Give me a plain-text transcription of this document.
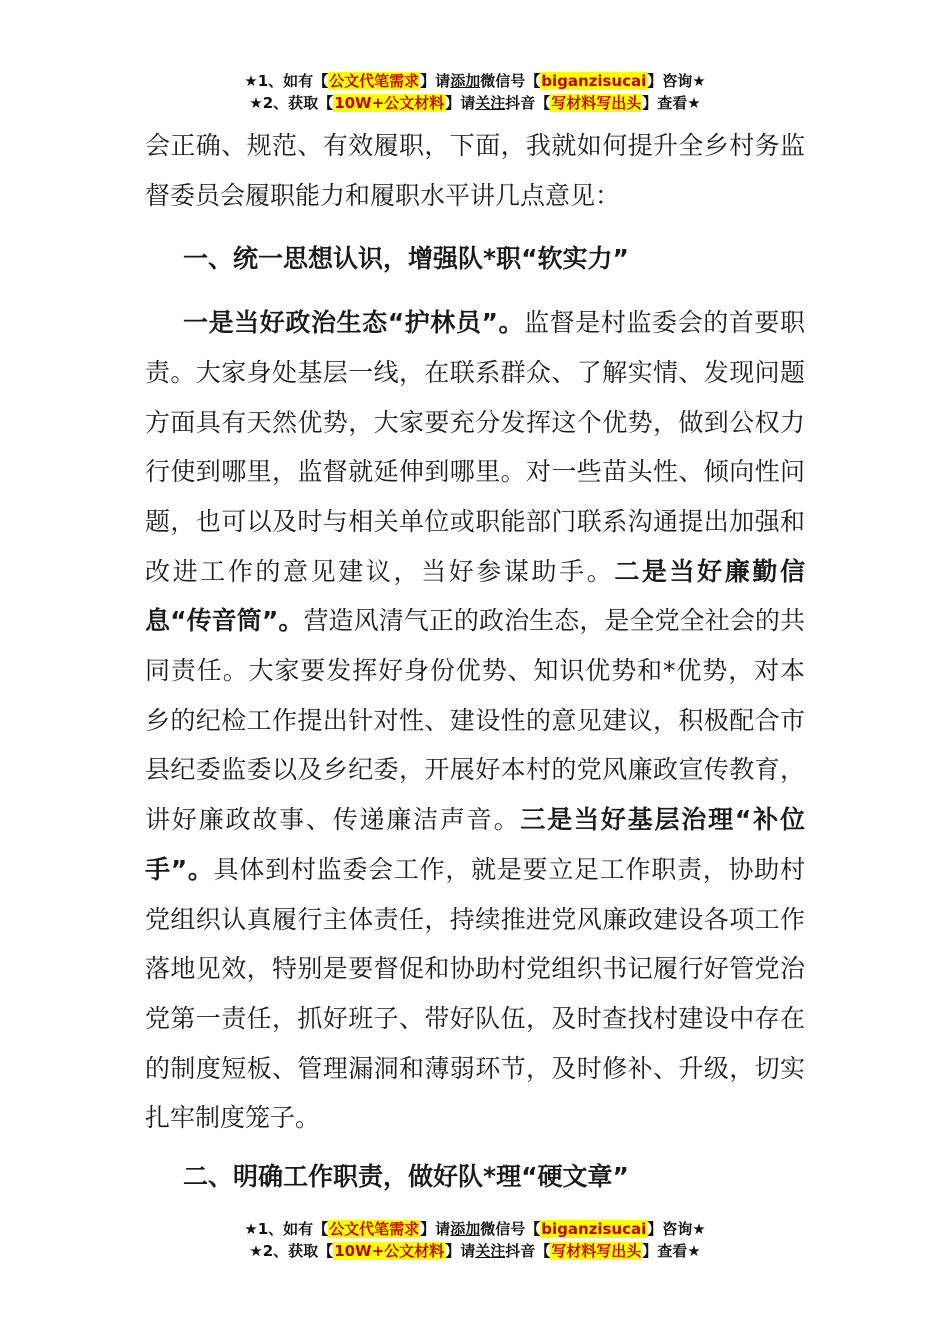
★1、如有【公文代笔需求】请添加微信号【biganzisucai】咨询★
★2、获取【10W+公文材料】请关注抖音【写材料写出头】查看★

会正确、规范、有效履职，下面，我就如何提升全乡村务监督委员会履职能力和履职水平讲几点意见：

一、统一思想认识，增强队*职“软实力”

一是当好政治生态“护林员”。监督是村监委会的首要职责。大家身处基层一线，在联系群众、了解实情、发现问题方面具有天然优势，大家要充分发挥这个优势，做到公权力行使到哪里，监督就延伸到哪里。对一些苗头性、倾向性问题，也可以及时与相关单位或职能部门联系沟通提出加强和改进工作的意见建议，当好参谋助手。二是当好廉勤信息“传音筒”。营造风清气正的政治生态，是全党全社会的共同责任。大家要发挥好身份优势、知识优势和*优势，对本乡的纪检工作提出针对性、建设性的意见建议，积极配合市县纪委监委以及乡纪委，开展好本村的党风廉政宣传教育，讲好廉政故事、传递廉洁声音。三是当好基层治理“补位手”。具体到村监委会工作，就是要立足工作职责，协助村党组织认真履行主体责任，持续推进党风廉政建设各项工作落地见效，特别是要督促和协助村党组织书记履行好管党治党第一责任，抓好班子、带好队伍，及时查找村建设中存在的制度短板、管理漏洞和薄弱环节，及时修补、升级，切实扎牢制度笼子。

二、明确工作职责，做好队*理“硬文章”

★1、如有【公文代笔需求】请添加微信号【biganzisucai】咨询★
★2、获取【10W+公文材料】请关注抖音【写材料写出头】查看★
